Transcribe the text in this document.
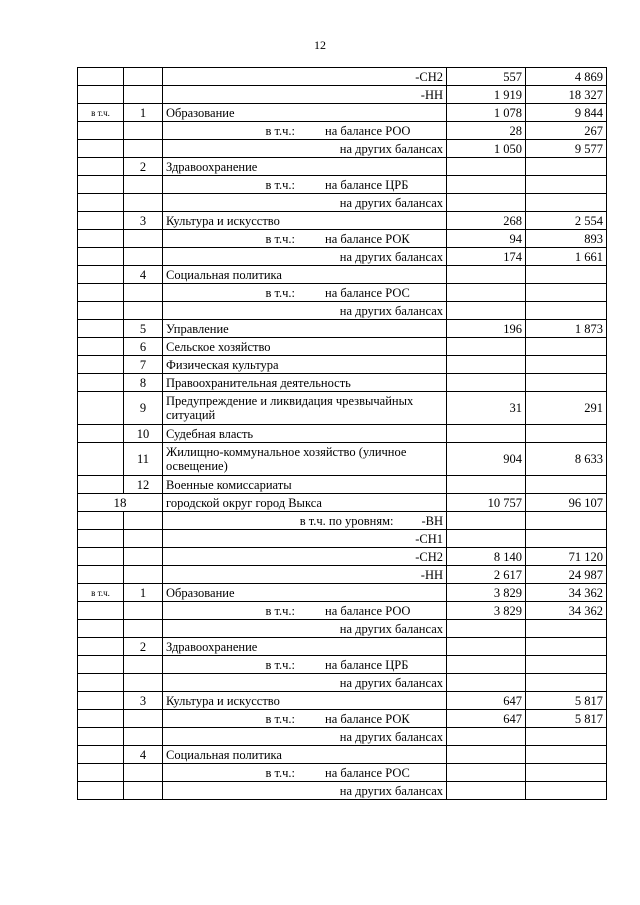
12
		-СН2	557	4 869
		-НН	1 919	18 327
в т.ч.	1	Образование	1 078	9 844

		в т.ч.: на балансе РОО	28	267
		на других балансах	1 050	9 577
	2	Здравоохранение		

		в т.ч.: на балансе ЦРБ		

		на других балансах		
	3	Культура и искусство	268	2 554

		в т.ч.: на балансе РОК	94	893
		на других балансах	174	1 661
	4	Социальная политика		

		в т.ч.: на балансе РОС		

		на других балансах		
	5	Управление	196	1 873
	6	Сельское хозяйство		
	7	Физическая культура		
	8	Правоохранительная деятельность		
	9	Предупреждение и ликвидация чрезвычайных ситуаций	31	291
	10	Судебная власть		
	11	Жилищно-коммунальное хозяйство (уличное освещение)	904	8 633
	12	Военные комиссариаты		
18		городской округ город Выкса	10 757	96 107

		в т.ч. по уровням: -ВН		

		-СН1		
		-СН2	8 140	71 120
		-НН	2 617	24 987
в т.ч.	1	Образование	3 829	34 362

		в т.ч.: на балансе РОО	3 829	34 362
		на других балансах		
	2	Здравоохранение		

		в т.ч.: на балансе ЦРБ		

		на других балансах		
	3	Культура и искусство	647	5 817

		в т.ч.: на балансе РОК	647	5 817
		на других балансах		
	4	Социальная политика		

		в т.ч.: на балансе РОС		

		на других балансах		
